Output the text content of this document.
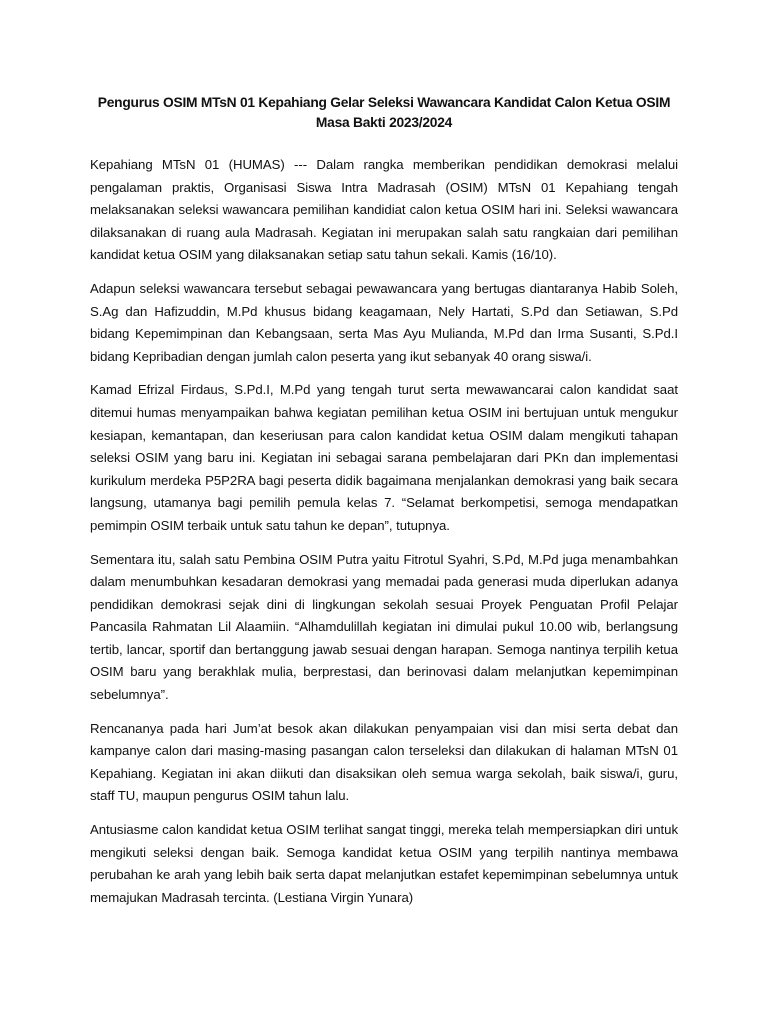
Pengurus OSIM MTsN 01 Kepahiang Gelar Seleksi Wawancara Kandidat Calon Ketua OSIM
Masa Bakti 2023/2024

Kepahiang MTsN 01 (HUMAS) --- Dalam rangka memberikan pendidikan demokrasi melalui pengalaman praktis, Organisasi Siswa Intra Madrasah (OSIM) MTsN 01 Kepahiang tengah melaksanakan seleksi wawancara pemilihan kandidiat calon ketua OSIM hari ini. Seleksi wawancara dilaksanakan di ruang aula Madrasah. Kegiatan ini merupakan salah satu rangkaian dari pemilihan kandidat ketua OSIM yang dilaksanakan setiap satu tahun sekali. Kamis (16/10).

Adapun seleksi wawancara tersebut sebagai pewawancara yang bertugas diantaranya Habib Soleh, S.Ag dan Hafizuddin, M.Pd khusus bidang keagamaan, Nely Hartati, S.Pd dan Setiawan, S.Pd bidang Kepemimpinan dan Kebangsaan, serta Mas Ayu Mulianda, M.Pd dan Irma Susanti, S.Pd.I bidang Kepribadian dengan jumlah calon peserta yang ikut sebanyak 40 orang siswa/i.

Kamad Efrizal Firdaus, S.Pd.I, M.Pd yang tengah turut serta mewawancarai calon kandidat saat ditemui humas menyampaikan bahwa kegiatan pemilihan ketua OSIM ini bertujuan untuk mengukur kesiapan, kemantapan, dan keseriusan para calon kandidat ketua OSIM dalam mengikuti tahapan seleksi OSIM yang baru ini. Kegiatan ini sebagai sarana pembelajaran dari PKn dan implementasi kurikulum merdeka P5P2RA bagi peserta didik bagaimana menjalankan demokrasi yang baik secara langsung, utamanya bagi pemilih pemula kelas 7. “Selamat berkompetisi, semoga mendapatkan pemimpin OSIM terbaik untuk satu tahun ke depan”, tutupnya.

Sementara itu, salah satu Pembina OSIM Putra yaitu Fitrotul Syahri, S.Pd, M.Pd juga menambahkan dalam menumbuhkan kesadaran demokrasi yang memadai pada generasi muda diperlukan adanya pendidikan demokrasi sejak dini di lingkungan sekolah sesuai Proyek Penguatan Profil Pelajar Pancasila Rahmatan Lil Alaamiin. “Alhamdulillah kegiatan ini dimulai pukul 10.00 wib, berlangsung tertib, lancar, sportif dan bertanggung jawab sesuai dengan harapan. Semoga nantinya terpilih ketua OSIM baru yang berakhlak mulia, berprestasi, dan berinovasi dalam melanjutkan kepemimpinan sebelumnya”.

Rencananya pada hari Jum’at besok akan dilakukan penyampaian visi dan misi serta debat dan kampanye calon dari masing-masing pasangan calon terseleksi dan dilakukan di halaman MTsN 01 Kepahiang. Kegiatan ini akan diikuti dan disaksikan oleh semua warga sekolah, baik siswa/i, guru, staff TU, maupun pengurus OSIM tahun lalu.

Antusiasme calon kandidat ketua OSIM terlihat sangat tinggi, mereka telah mempersiapkan diri untuk mengikuti seleksi dengan baik. Semoga kandidat ketua OSIM yang terpilih nantinya membawa perubahan ke arah yang lebih baik serta dapat melanjutkan estafet kepemimpinan sebelumnya untuk memajukan Madrasah tercinta. (Lestiana Virgin Yunara)
